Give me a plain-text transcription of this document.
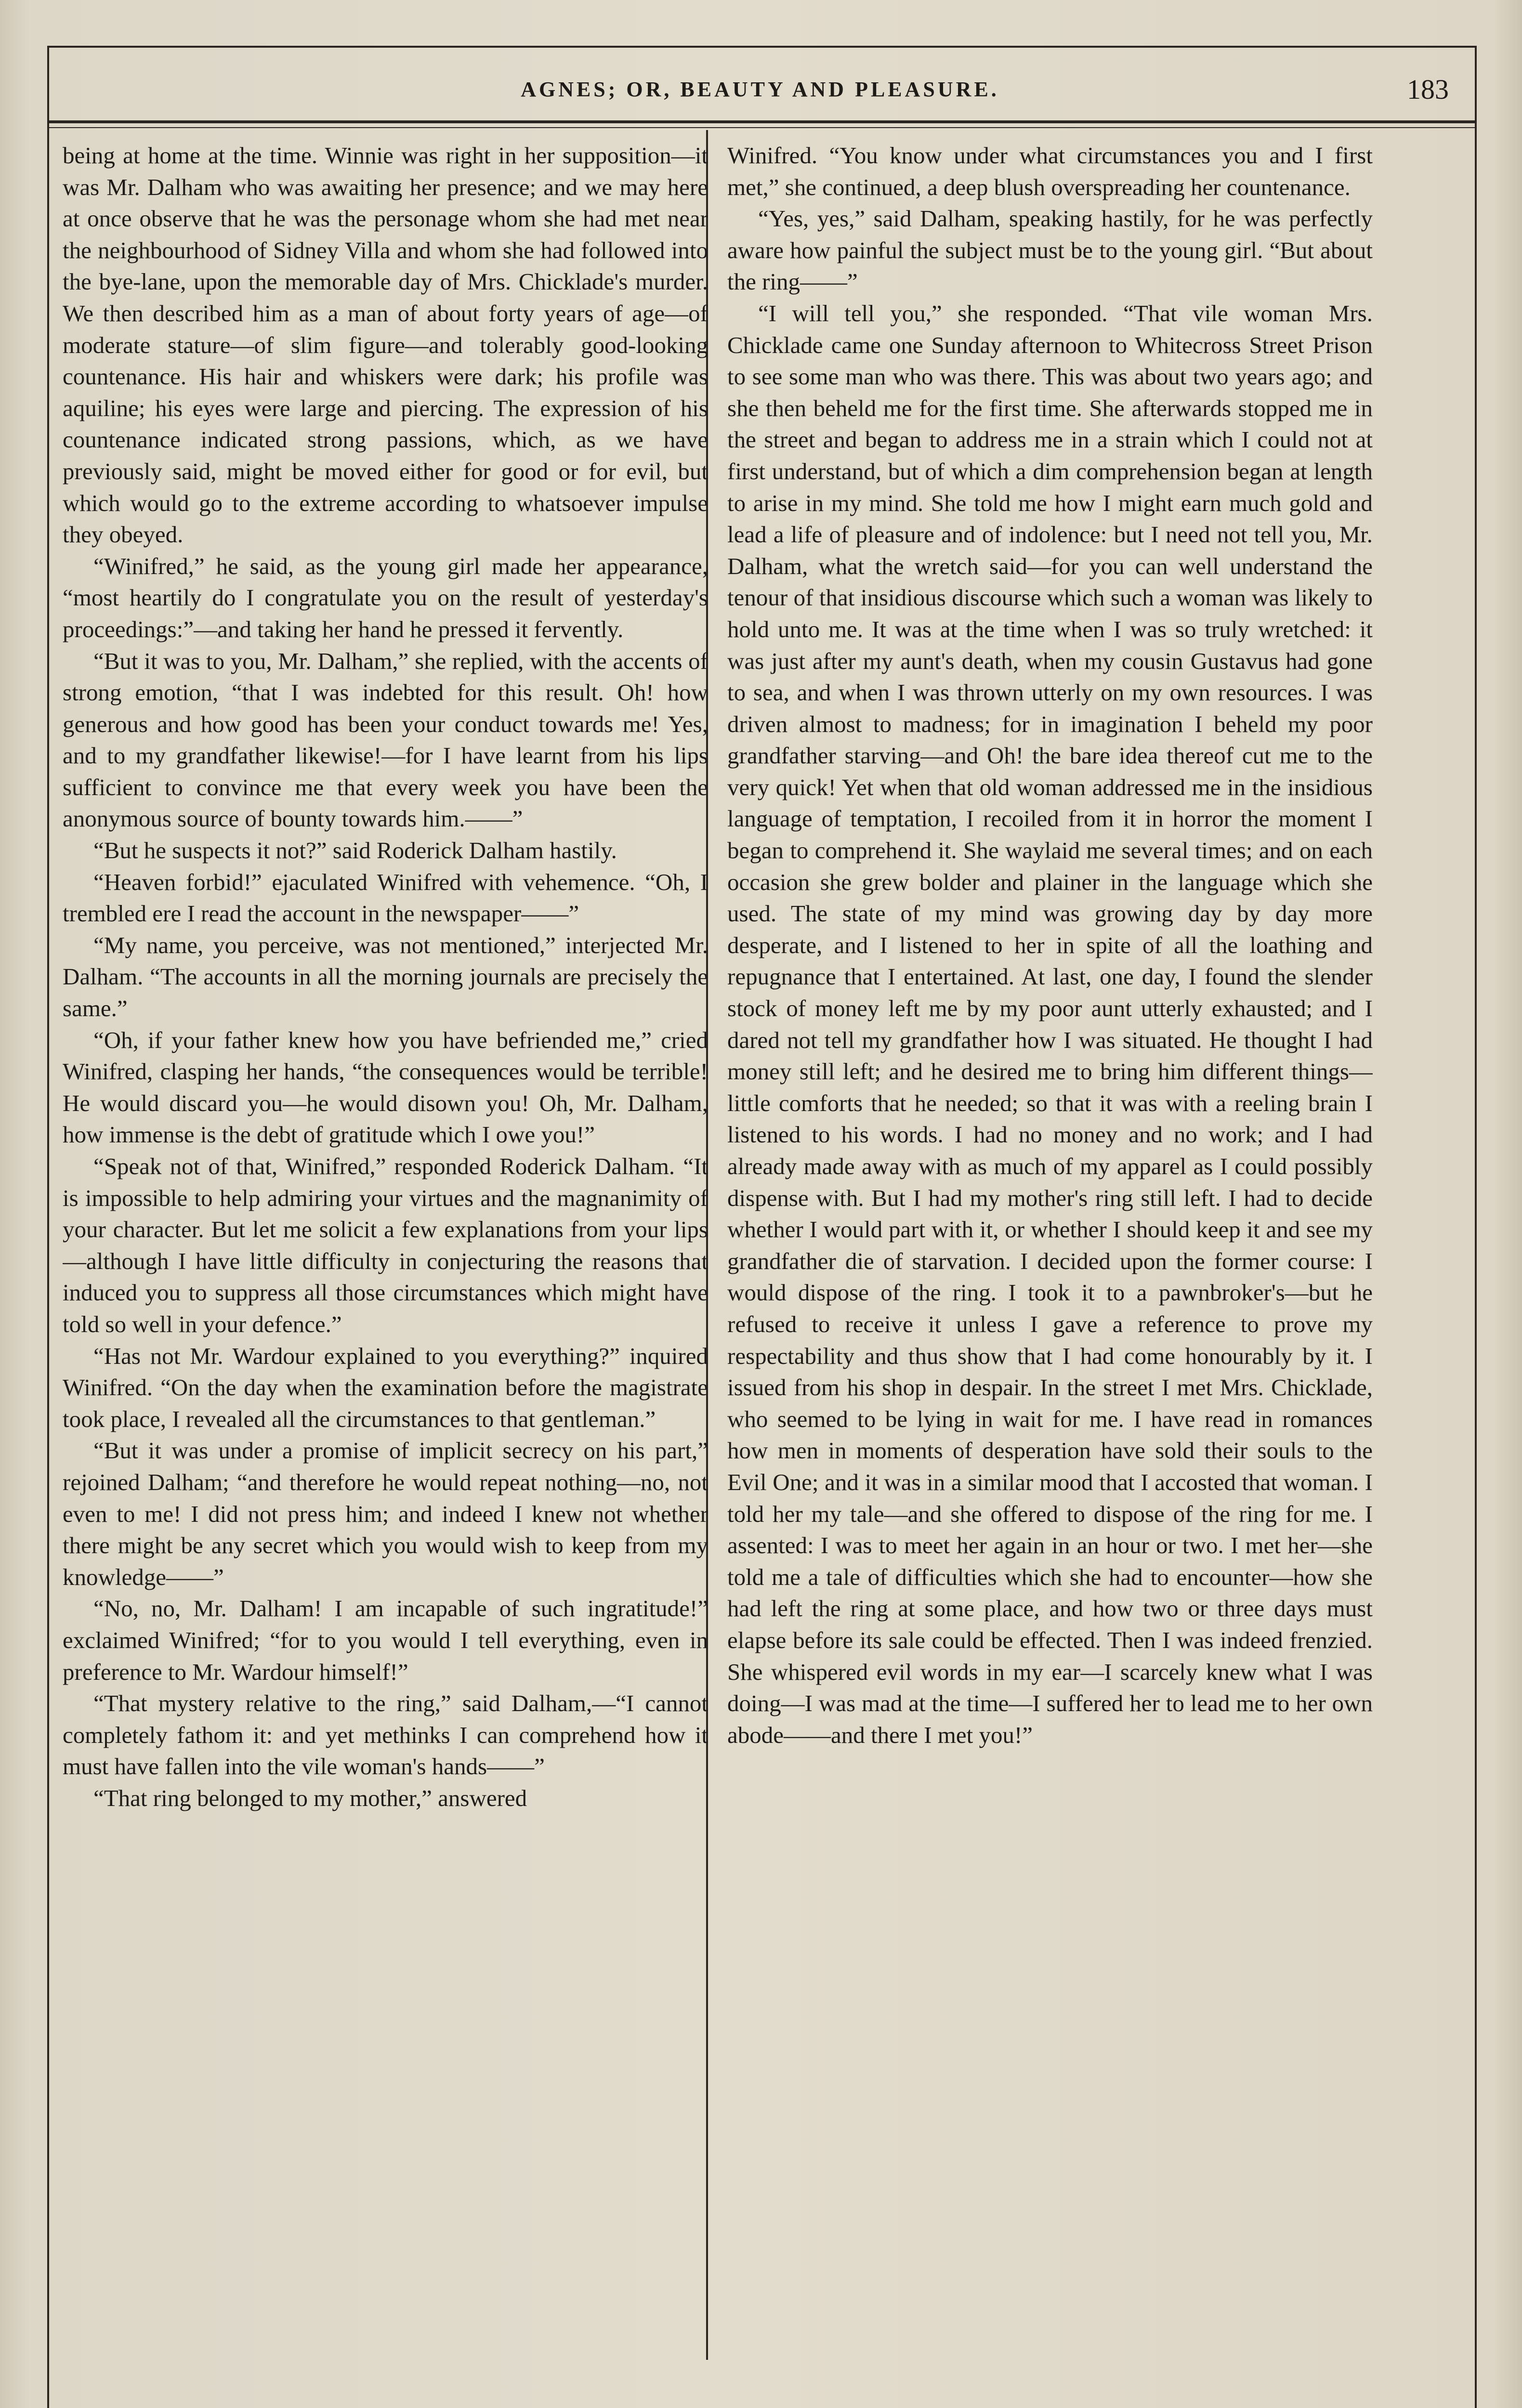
AGNES; OR, BEAUTY AND PLEASURE.	183

being at home at the time. Winnie was right in her supposition—it was Mr. Dalham who was awaiting her presence; and we may here at once observe that he was the personage whom she had met near the neighbourhood of Sidney Villa and whom she had followed into the bye-lane, upon the memorable day of Mrs. Chicklade's murder. We then described him as a man of about forty years of age—of moderate stature—of slim figure—and tolerably good-looking countenance. His hair and whiskers were dark; his profile was aquiline; his eyes were large and piercing. The expression of his countenance indicated strong passions, which, as we have previously said, might be moved either for good or for evil, but which would go to the extreme according to whatsoever impulse they obeyed.

“Winifred,” he said, as the young girl made her appearance, “most heartily do I congratulate you on the result of yesterday's proceedings:”—and taking her hand he pressed it fervently.

“But it was to you, Mr. Dalham,” she replied, with the accents of strong emotion, “that I was indebted for this result. Oh! how generous and how good has been your conduct towards me! Yes, and to my grandfather likewise!—for I have learnt from his lips sufficient to convince me that every week you have been the anonymous source of bounty towards him.——”

“But he suspects it not?” said Roderick Dalham hastily.

“Heaven forbid!” ejaculated Winifred with vehemence. “Oh, I trembled ere I read the account in the newspaper——”

“My name, you perceive, was not mentioned,” interjected Mr. Dalham. “The accounts in all the morning journals are precisely the same.”

“Oh, if your father knew how you have befriended me,” cried Winifred, clasping her hands, “the consequences would be terrible! He would discard you—he would disown you! Oh, Mr. Dalham, how immense is the debt of gratitude which I owe you!”

“Speak not of that, Winifred,” responded Roderick Dalham. “It is impossible to help admiring your virtues and the magnanimity of your character. But let me solicit a few explanations from your lips—although I have little difficulty in conjecturing the reasons that induced you to suppress all those circumstances which might have told so well in your defence.”

“Has not Mr. Wardour explained to you everything?” inquired Winifred. “On the day when the examination before the magistrate took place, I revealed all the circumstances to that gentleman.”

“But it was under a promise of implicit secrecy on his part,” rejoined Dalham; “and therefore he would repeat nothing—no, not even to me! I did not press him; and indeed I knew not whether there might be any secret which you would wish to keep from my knowledge——”

“No, no, Mr. Dalham! I am incapable of such ingratitude!” exclaimed Winifred; “for to you would I tell everything, even in preference to Mr. Wardour himself!”

“That mystery relative to the ring,” said Dalham,—“I cannot completely fathom it: and yet methinks I can comprehend how it must have fallen into the vile woman's hands——”

“That ring belonged to my mother,” answered

Winifred. “You know under what circumstances you and I first met,” she continued, a deep blush overspreading her countenance.

“Yes, yes,” said Dalham, speaking hastily, for he was perfectly aware how painful the subject must be to the young girl. “But about the ring——”

“I will tell you,” she responded. “That vile woman Mrs. Chicklade came one Sunday afternoon to Whitecross Street Prison to see some man who was there. This was about two years ago; and she then beheld me for the first time. She afterwards stopped me in the street and began to address me in a strain which I could not at first understand, but of which a dim comprehension began at length to arise in my mind. She told me how I might earn much gold and lead a life of pleasure and of indolence: but I need not tell you, Mr. Dalham, what the wretch said—for you can well understand the tenour of that insidious discourse which such a woman was likely to hold unto me. It was at the time when I was so truly wretched: it was just after my aunt's death, when my cousin Gustavus had gone to sea, and when I was thrown utterly on my own resources. I was driven almost to madness; for in imagination I beheld my poor grandfather starving—and Oh! the bare idea thereof cut me to the very quick! Yet when that old woman addressed me in the insidious language of temptation, I recoiled from it in horror the moment I began to comprehend it. She waylaid me several times; and on each occasion she grew bolder and plainer in the language which she used. The state of my mind was growing day by day more desperate, and I listened to her in spite of all the loathing and repugnance that I entertained. At last, one day, I found the slender stock of money left me by my poor aunt utterly exhausted; and I dared not tell my grandfather how I was situated. He thought I had money still left; and he desired me to bring him different things—little comforts that he needed; so that it was with a reeling brain I listened to his words. I had no money and no work; and I had already made away with as much of my apparel as I could possibly dispense with. But I had my mother's ring still left. I had to decide whether I would part with it, or whether I should keep it and see my grandfather die of starvation. I decided upon the former course: I would dispose of the ring. I took it to a pawnbroker's—but he refused to receive it unless I gave a reference to prove my respectability and thus show that I had come honourably by it. I issued from his shop in despair. In the street I met Mrs. Chicklade, who seemed to be lying in wait for me. I have read in romances how men in moments of desperation have sold their souls to the Evil One; and it was in a similar mood that I accosted that woman. I told her my tale—and she offered to dispose of the ring for me. I assented: I was to meet her again in an hour or two. I met her—she told me a tale of difficulties which she had to encounter—how she had left the ring at some place, and how two or three days must elapse before its sale could be effected. Then I was indeed frenzied. She whispered evil words in my ear—I scarcely knew what I was doing—I was mad at the time—I suffered her to lead me to her own abode——and there I met you!”
